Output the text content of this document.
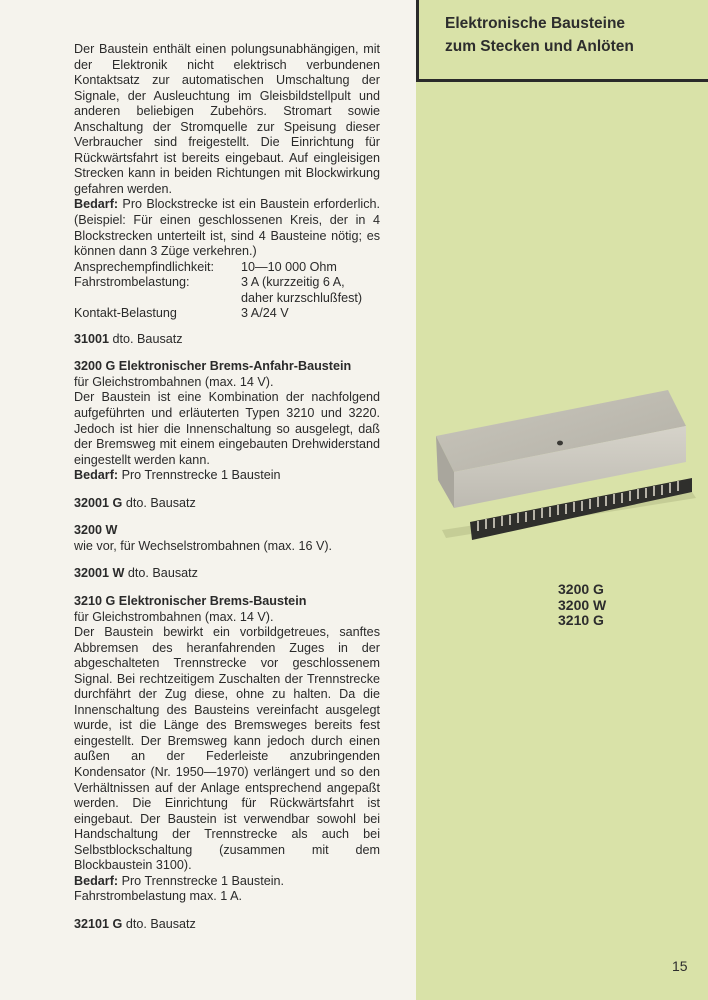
Elektronische Bausteine
zum Stecken und Anlöten

Der Baustein enthält einen polungsunabhängigen, mit der Elektronik nicht elektrisch verbundenen Kontaktsatz zur automatischen Umschaltung der Signale, der Ausleuchtung im Gleisbildstellpult und anderen beliebigen Zubehörs. Stromart sowie Anschaltung der Stromquelle zur Speisung dieser Verbraucher sind freigestellt. Die Einrichtung für Rückwärtsfahrt ist bereits eingebaut. Auf eingleisigen Strecken kann in beiden Richtungen mit Blockwirkung gefahren werden.

Bedarf: Pro Blockstrecke ist ein Baustein erforderlich. (Beispiel: Für einen geschlossenen Kreis, der in 4 Blockstrecken unterteilt ist, sind 4 Bausteine nötig; es können dann 3 Züge verkehren.)

Ansprechempfindlichkeit:	10—10 000 Ohm
Fahrstrombelastung:	3 A (kurzzeitig 6 A,
daher kurzschlußfest)
Kontakt-Belastung	3 A/24 V
31001 dto. Bausatz

3200 G Elektronischer Brems-Anfahr-Baustein

für Gleichstrombahnen (max. 14 V).

Der Baustein ist eine Kombination der nachfolgend aufgeführten und erläuterten Typen 3210 und 3220. Jedoch ist hier die Innenschaltung so ausgelegt, daß der Bremsweg mit einem eingebauten Drehwiderstand eingestellt werden kann.

Bedarf: Pro Trennstrecke 1 Baustein

32001 G dto. Bausatz

3200 W

wie vor, für Wechselstrombahnen (max. 16 V).

32001 W dto. Bausatz

3210 G Elektronischer Brems-Baustein

für Gleichstrombahnen (max. 14 V).

Der Baustein bewirkt ein vorbildgetreues, sanftes Abbremsen des heranfahrenden Zuges in der abgeschalteten Trennstrecke vor geschlossenem Signal. Bei rechtzeitigem Zuschalten der Trennstrecke durchfährt der Zug diese, ohne zu halten. Da die Innenschaltung des Bausteins vereinfacht ausgelegt wurde, ist die Länge des Bremsweges bereits fest eingestellt. Der Bremsweg kann jedoch durch einen außen an der Federleiste anzubringenden Kondensator (Nr. 1950—1970) verlängert und so den Verhältnissen auf der Anlage entsprechend angepaßt werden. Die Einrichtung für Rückwärtsfahrt ist eingebaut. Der Baustein ist verwendbar sowohl bei Handschaltung der Trennstrecke als auch bei Selbstblockschaltung (zusammen mit dem Blockbaustein 3100).

Bedarf: Pro Trennstrecke 1 Baustein.

Fahrstrombelastung max. 1 A.

32101 G dto. Bausatz
3200 G
3200 W
3210 G
15
